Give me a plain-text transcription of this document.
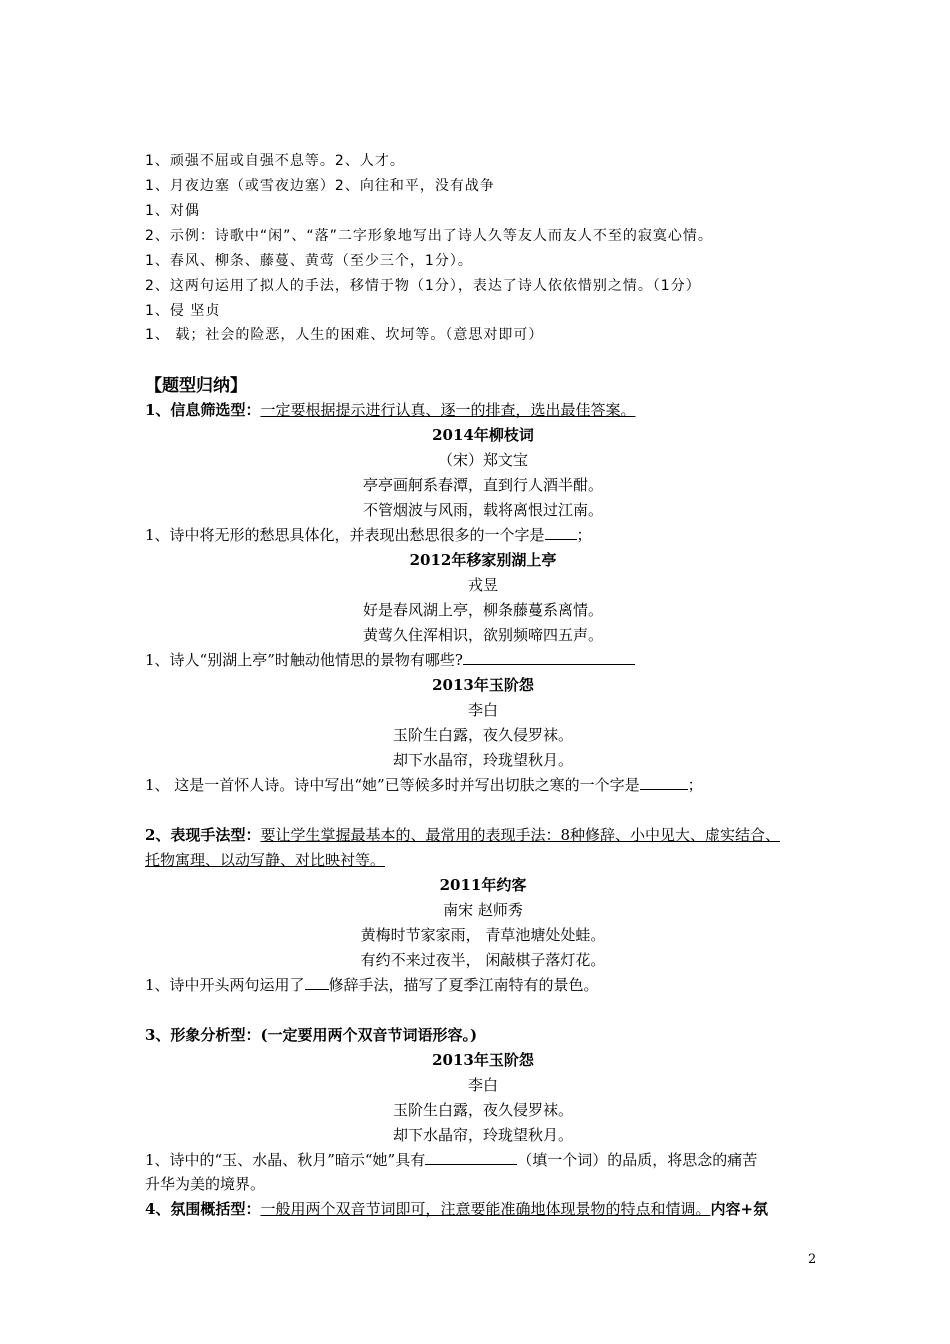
1、顽强不屈或自强不息等。2、人才。
1、月夜边塞（或雪夜边塞）2、向往和平，没有战争
1、对偶
2、示例：诗歌中“闲”、“落”二字形象地写出了诗人久等友人而友人不至的寂寞心情。
1、春风、柳条、藤蔓、黄莺（至少三个，1分）。
2、这两句运用了拟人的手法，移情于物（1分），表达了诗人依依惜别之情。（1分）
1、侵 坚贞
1、 载；社会的险恶，人生的困难、坎坷等。（意思对即可）
【题型归纳】
1、信息筛选型：一定要根据提示进行认真、逐一的排查，选出最佳答案。
2014年柳枝词
（宋）郑文宝
亭亭画舸系春潭，直到行人酒半酣。
不管烟波与风雨，载将离恨过江南。
1、诗中将无形的愁思具体化，并表现出愁思很多的一个字是 ；
2012年移家别湖上亭
戎昱
好是春风湖上亭，柳条藤蔓系离情。
黄莺久住浑相识，欲别频啼四五声。
1、诗人“别湖上亭”时触动他情思的景物有哪些?
2013年玉阶怨
李白
玉阶生白露，夜久侵罗袜。
却下水晶帘，玲珑望秋月。
1、 这是一首怀人诗。诗中写出“她”已等候多时并写出切肤之寒的一个字是	；
2、表现手法型：要让学生掌握最基本的、最常用的表现手法：8种修辞、小中见大、虚实结合、
托物寓理、以动写静、对比映衬等。
2011年约客
南宋 赵师秀
黄梅时节家家雨， 青草池塘处处蛙。
有约不来过夜半， 闲敲棋子落灯花。
1、诗中开头两句运用了 修辞手法，描写了夏季江南特有的景色。
3、形象分析型：(一定要用两个双音节词语形容。)
2013年玉阶怨
李白
玉阶生白露，夜久侵罗袜。
却下水晶帘，玲珑望秋月。
1、诗中的“玉、水晶、秋月”暗示“她”具有	（填一个词）的品质，将思念的痛苦
升华为美的境界。
4、氛围概括型：一般用两个双音节词即可，注意要能准确地体现景物的特点和情调。内容+氛
2
